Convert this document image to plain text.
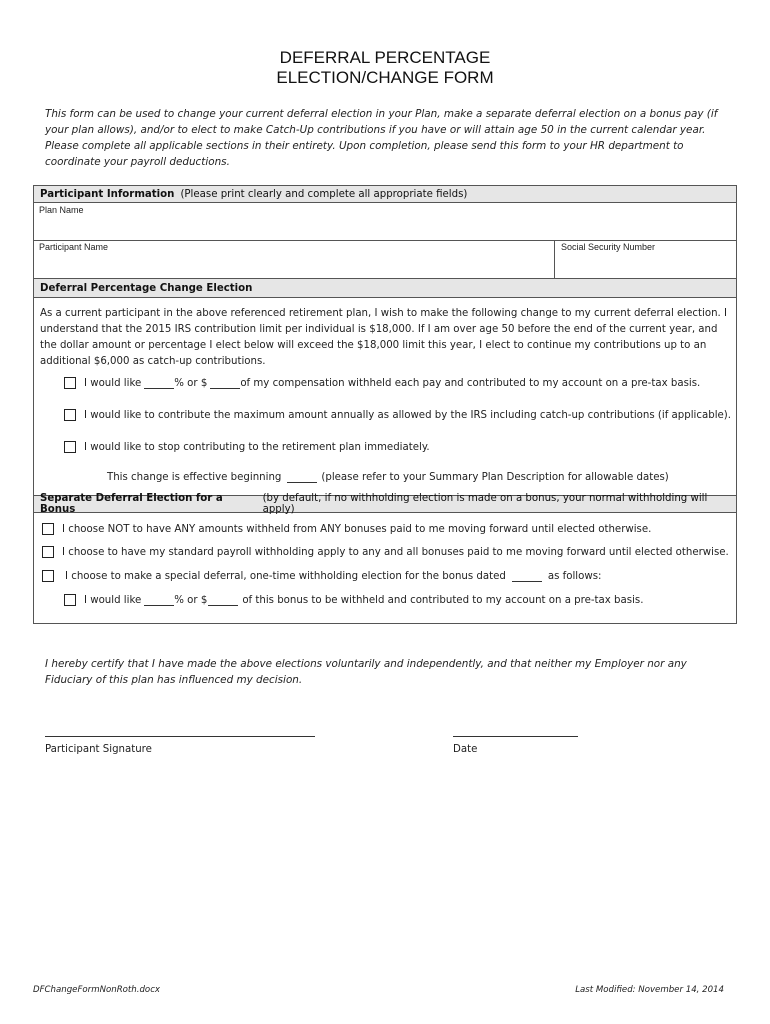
DEFERRAL PERCENTAGE
ELECTION/CHANGE FORM
This form can be used to change your current deferral election in your Plan, make a separate deferral election on a bonus pay (if your plan allows), and/or to elect to make Catch-Up contributions if you have or will attain age 50 in the current calendar year. Please complete all applicable sections in their entirety. Upon completion, please send this form to your HR department to coordinate your payroll deductions.
Participant Information (Please print clearly and complete all appropriate fields)
Plan Name
Participant Name	Social Security Number
Deferral Percentage Change Election
As a current participant in the above referenced retirement plan, I wish to make the following change to my current deferral election. I understand that the 2015 IRS contribution limit per individual is $18,000. If I am over age 50 before the end of the current year, and the dollar amount or percentage I elect below will exceed the $18,000 limit this year, I elect to continue my contributions up to an additional $6,000 as catch-up contributions.
I would like	% or $	of my compensation withheld each pay and contributed to my account on a pre-tax basis.
I would like to contribute the maximum amount annually as allowed by the IRS including catch-up contributions (if applicable).
I would like to stop contributing to the retirement plan immediately.
This change is effective beginning	(please refer to your Summary Plan Description for allowable dates)
Separate Deferral Election for a Bonus
(by default, if no withholding election is made on a bonus, your normal withholding will apply)
I choose NOT to have ANY amounts withheld from ANY bonuses paid to me moving forward until elected otherwise.
I choose to have my standard payroll withholding apply to any and all bonuses paid to me moving forward until elected otherwise.
I choose to make a special deferral, one-time withholding election for the bonus dated	as follows:
I would like	% or $	of this bonus to be withheld and contributed to my account on a pre-tax basis.
I hereby certify that I have made the above elections voluntarily and independently, and that neither my Employer nor any Fiduciary of this plan has influenced my decision.
Participant Signature	Date
DFChangeFormNonRoth.docx	Last Modified: November 14, 2014
